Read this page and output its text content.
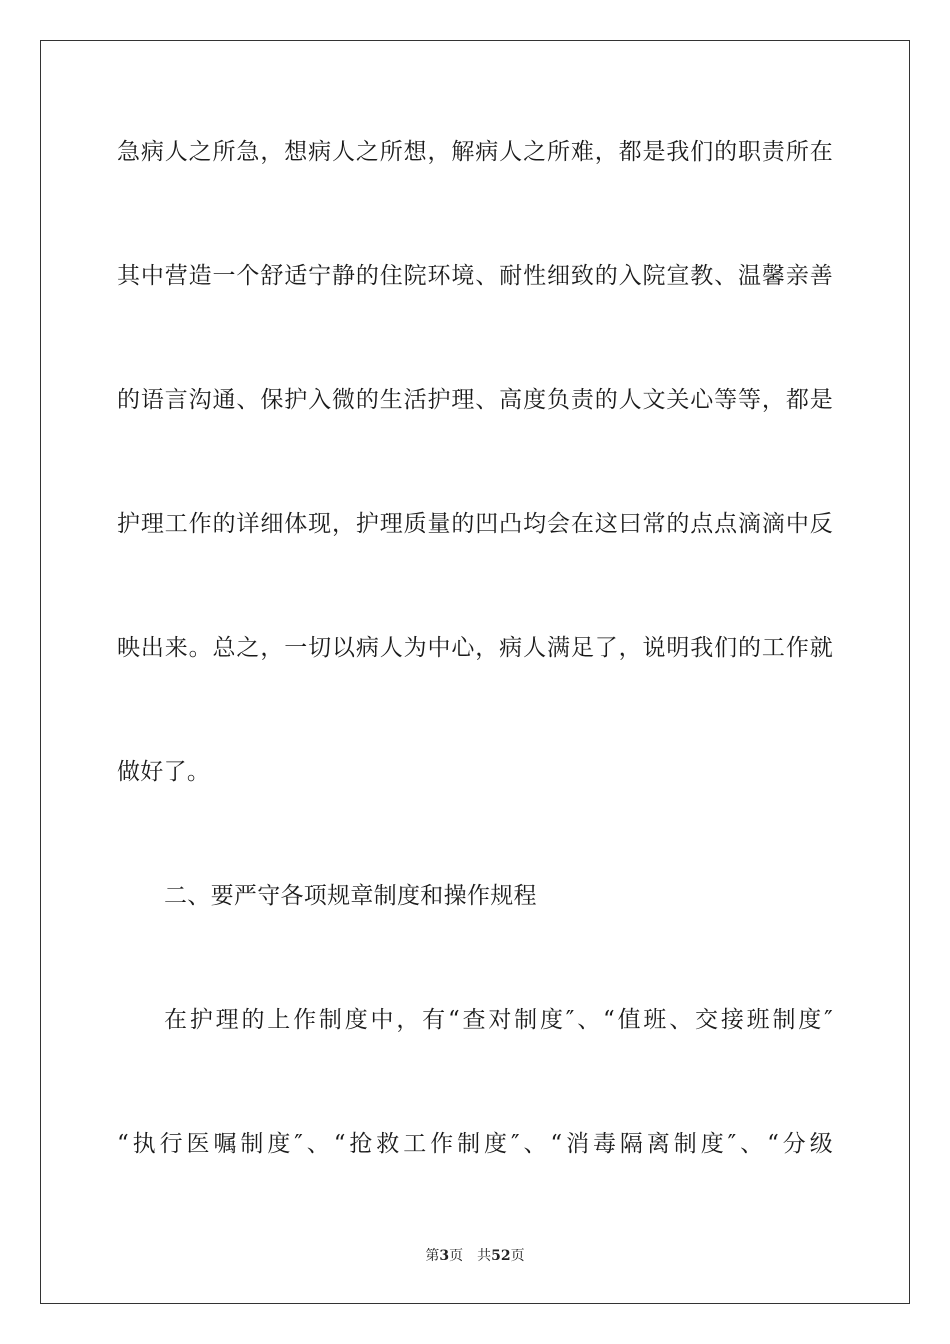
急病人之所急，想病人之所想，解病人之所难，都是我们的职责所在
其中营造一个舒适宁静的住院环境、耐性细致的入院宣教、温馨亲善
的语言沟通、保护入微的生活护理、高度负责的人文关心等等，都是
护理工作的详细体现，护理质量的凹凸均会在这曰常的点点滴滴中反
映出来。总之，一切以病人为中心，病人满足了，说明我们的工作就
做好了。
二、要严守各项规章制度和操作规程
在护理的上作制度中，有“查对制度″、“值班、交接班制度″
“执行医嘱制度″、“抢救工作制度″、“消毒隔离制度″、“分级
第3页 共52页
